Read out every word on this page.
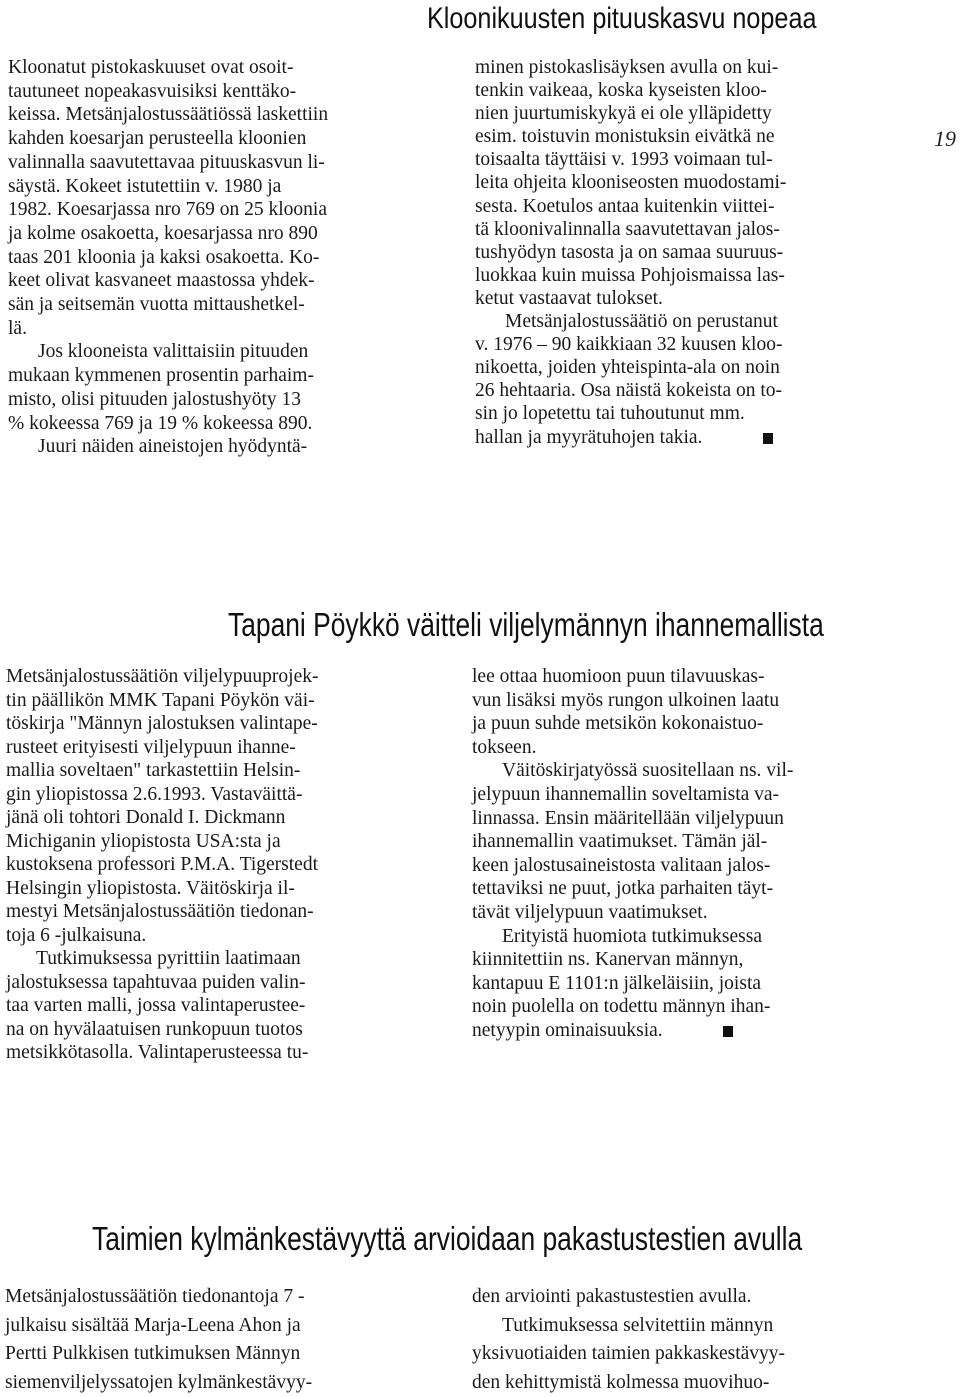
Kloonikuusten pituuskasvu nopeaa
Kloonatut pistokaskuuset ovat osoit-
tautuneet nopeakasvuisiksi kenttäko-
keissa. Metsänjalostussäätiössä laskettiin
kahden koesarjan perusteella kloonien
valinnalla saavutettavaa pituuskasvun li-
säystä. Kokeet istutettiin v. 1980 ja
1982. Koesarjassa nro 769 on 25 kloonia
ja kolme osakoetta, koesarjassa nro 890
taas 201 kloonia ja kaksi osakoetta. Ko-
keet olivat kasvaneet maastossa yhdek-
sän ja seitsemän vuotta mittaushetkel-
lä.
Jos klooneista valittaisiin pituuden
mukaan kymmenen prosentin parhaim-
misto, olisi pituuden jalostushyöty 13
% kokeessa 769 ja 19 % kokeessa 890.
Juuri näiden aineistojen hyödyntä-
minen pistokaslisäyksen avulla on kui-
tenkin vaikeaa, koska kyseisten kloo-
nien juurtumiskykyä ei ole ylläpidetty
esim. toistuvin monistuksin eivätkä ne
toisaalta täyttäisi v. 1993 voimaan tul-
leita ohjeita klooniseosten muodostami-
sesta. Koetulos antaa kuitenkin viittei-
tä kloonivalinnalla saavutettavan jalos-
tushyödyn tasosta ja on samaa suuruus-
luokkaa kuin muissa Pohjoismaissa las-
ketut vastaavat tulokset.
Metsänjalostussäätiö on perustanut
v. 1976 – 90 kaikkiaan 32 kuusen kloo-
nikoetta, joiden yhteispinta-ala on noin
26 hehtaaria. Osa näistä kokeista on to-
sin jo lopetettu tai tuhoutunut mm.
hallan ja myyrätuhojen takia.
19
Tapani Pöykkö väitteli viljelymännyn ihannemallista
Metsänjalostussäätiön viljelypuuprojek-
tin päällikön MMK Tapani Pöykön väi-
töskirja "Männyn jalostuksen valintape-
rusteet erityisesti viljelypuun ihanne-
mallia soveltaen" tarkastettiin Helsin-
gin yliopistossa 2.6.1993. Vastaväittä-
jänä oli tohtori Donald I. Dickmann
Michiganin yliopistosta USA:sta ja
kustoksena professori P.M.A. Tigerstedt
Helsingin yliopistosta. Väitöskirja il-
mestyi Metsänjalostussäätiön tiedonan-
toja 6 -julkaisuna.
Tutkimuksessa pyrittiin laatimaan
jalostuksessa tapahtuvaa puiden valin-
taa varten malli, jossa valintaperustee-
na on hyvälaatuisen runkopuun tuotos
metsikkötasolla. Valintaperusteessa tu-
lee ottaa huomioon puun tilavuuskas-
vun lisäksi myös rungon ulkoinen laatu
ja puun suhde metsikön kokonaistuo-
tokseen.
Väitöskirjatyössä suositellaan ns. vil-
jelypuun ihannemallin soveltamista va-
linnassa. Ensin määritellään viljelypuun
ihannemallin vaatimukset. Tämän jäl-
keen jalostusaineistosta valitaan jalos-
tettaviksi ne puut, jotka parhaiten täyt-
tävät viljelypuun vaatimukset.
Erityistä huomiota tutkimuksessa
kiinnitettiin ns. Kanervan männyn,
kantapuu E 1101:n jälkeläisiin, joista
noin puolella on todettu männyn ihan-
netyypin ominaisuuksia.
Taimien kylmänkestävyyttä arvioidaan pakastustestien avulla
Metsänjalostussäätiön tiedonantoja 7 -
julkaisu sisältää Marja-Leena Ahon ja
Pertti Pulkkisen tutkimuksen Männyn
siemenviljelyssatojen kylmänkestävyy-
den arviointi pakastustestien avulla.
Tutkimuksessa selvitettiin männyn
yksivuotiaiden taimien pakkaskestävyy-
den kehittymistä kolmessa muovihuo-
